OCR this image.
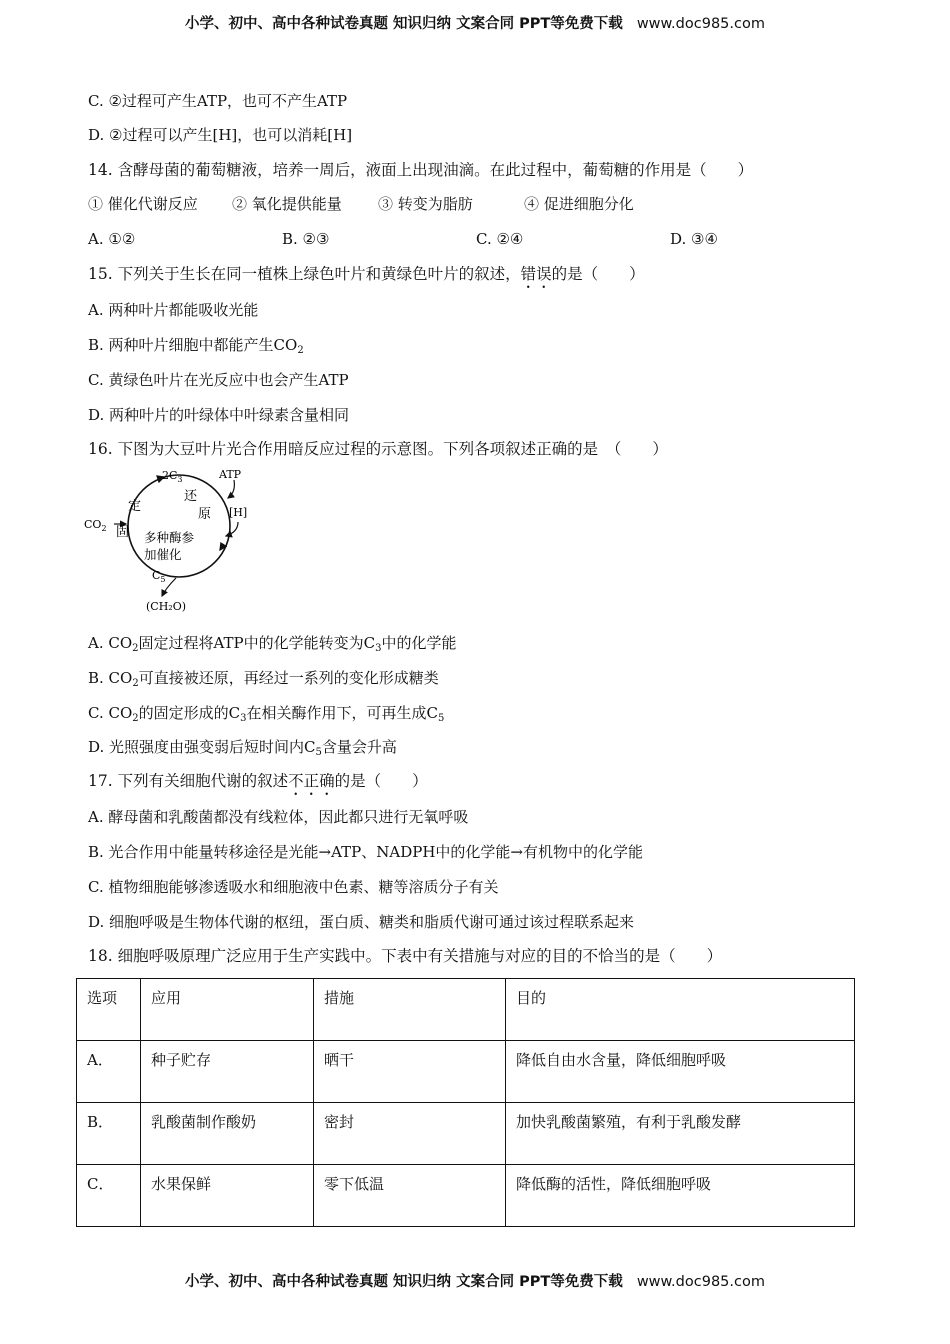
小学、初中、高中各种试卷真题 知识归纳 文案合同 PPT等免费下载 www.doc985.com
C. ②过程可产生ATP，也可不产生ATP
D. ②过程可以产生[H]，也可以消耗[H]
14. 含酵母菌的葡萄糖液，培养一周后，液面上出现油滴。在此过程中，葡萄糖的作用是（　　）
① 催化代谢反应 ② 氧化提供能量 ③ 转变为脂肪	④ 促进细胞分化
A. ①②	B. ②③	C. ②④	D. ③④
15. 下列关于生长在同一植株上绿色叶片和黄绿色叶片的叙述，错误的是（　　）
A. 两种叶片都能吸收光能
B. 两种叶片细胞中都能产生$CO_2$
C. 黄绿色叶片在光反应中也会产生ATP
D. 两种叶片的叶绿体中叶绿素含量相同
16. 下图为大豆叶片光合作用暗反应过程的示意图。下列各项叙述正确的是　（　　）
$2C_3$	ATP
[H]
$CO_2$
$C_5$
(CH₂O)
定
固
还
原
多种酶参
加催化
A. $CO_2$固定过程将ATP中的化学能转变为$C_3$中的化学能
B. $CO_2$可直接被还原，再经过一系列的变化形成糖类
C. $CO_2$的固定形成的$C_3$在相关酶作用下，可再生成$C_5$
D. 光照强度由强变弱后短时间内$C_5$含量会升高
17. 下列有关细胞代谢的叙述不正确的是（　　）
A. 酵母菌和乳酸菌都没有线粒体，因此都只进行无氧呼吸
B. 光合作用中能量转移途径是光能→ATP、NADPH中的化学能→有机物中的化学能
C. 植物细胞能够渗透吸水和细胞液中色素、糖等溶质分子有关
D. 细胞呼吸是生物体代谢的枢纽，蛋白质、糖类和脂质代谢可通过该过程联系起来
18. 细胞呼吸原理广泛应用于生产实践中。下表中有关措施与对应的目的不恰当的是（　　）
选项	应用	措施	目的
A．	种子贮存	晒干	降低自由水含量，降低细胞呼吸
B．	乳酸菌制作酸奶	密封	加快乳酸菌繁殖，有利于乳酸发酵
C．	水果保鲜	零下低温	降低酶的活性，降低细胞呼吸
小学、初中、高中各种试卷真题 知识归纳 文案合同 PPT等免费下载 www.doc985.com
